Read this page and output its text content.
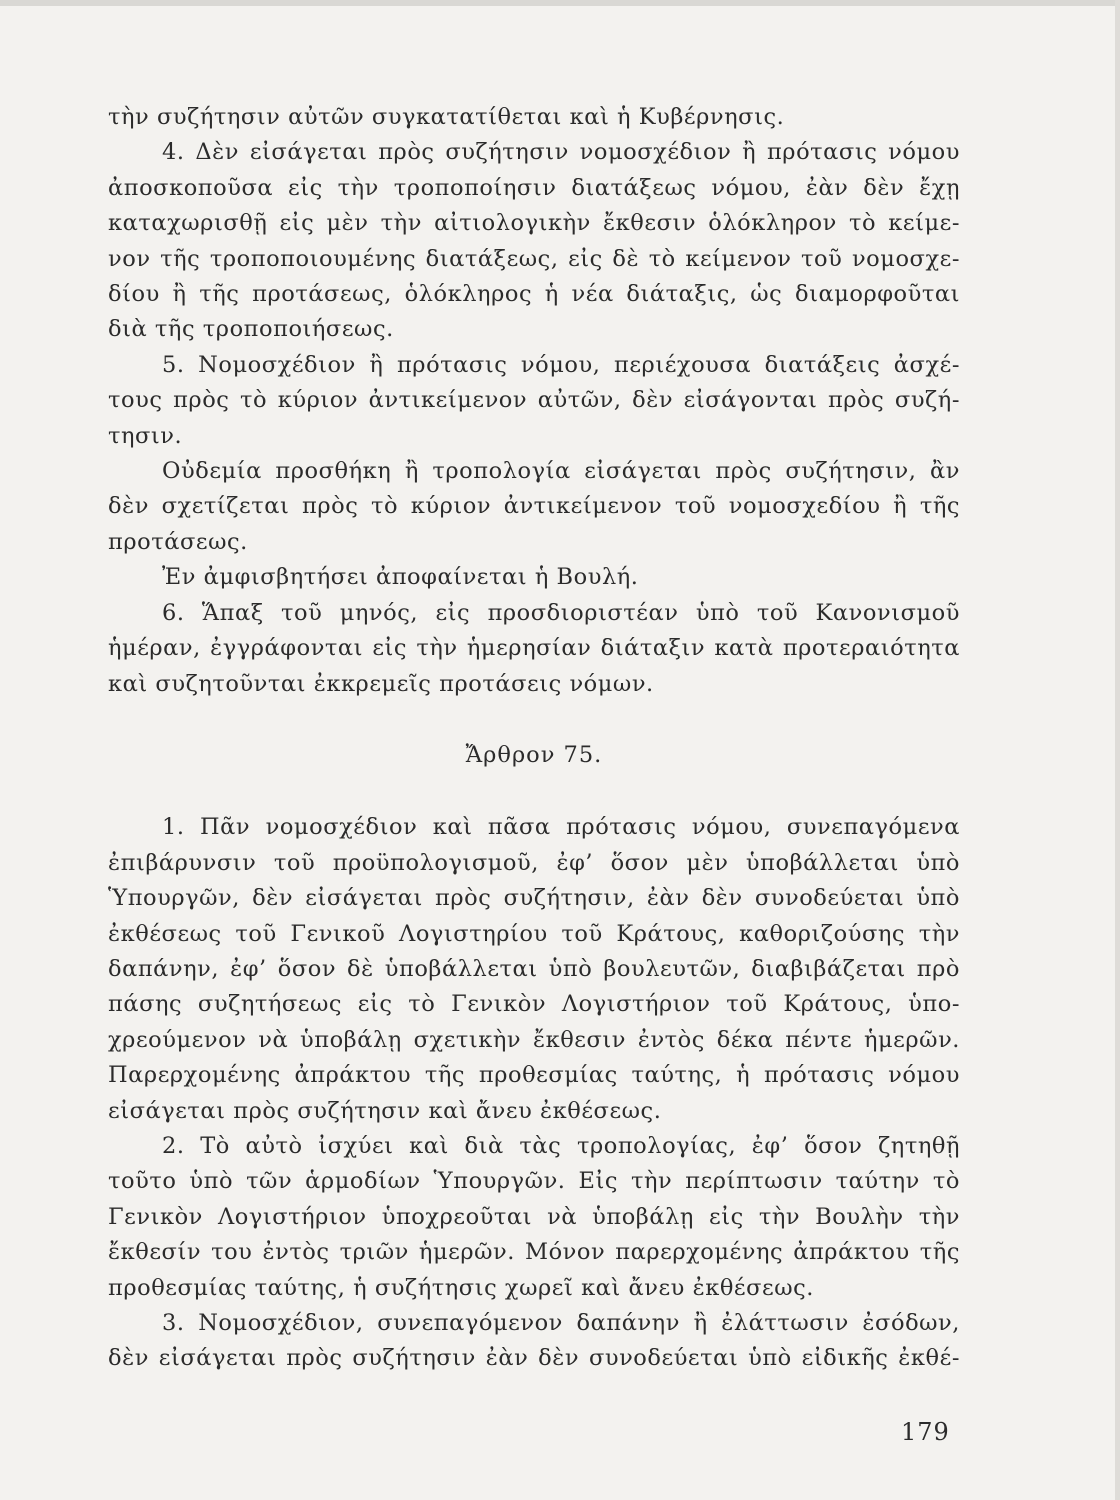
τὴν συζήτησιν αὐτῶν συγκατατίθεται καὶ ἡ Κυβέρνησις.
4. Δὲν εἰσάγεται πρὸς συζήτησιν νομοσχέδιον ἢ πρότασις νόμου
ἀποσκοποῦσα εἰς τὴν τροποποίησιν διατάξεως νόμου, ἐὰν δὲν ἔχῃ
καταχωρισθῇ εἰς μὲν τὴν αἰτιολογικὴν ἔκθεσιν ὁλόκληρον τὸ κείμε-
νον τῆς τροποποιουμένης διατάξεως, εἰς δὲ τὸ κείμενον τοῦ νομοσχε-
δίου ἢ τῆς προτάσεως, ὁλόκληρος ἡ νέα διάταξις, ὡς διαμορφοῦται
διὰ τῆς τροποποιήσεως.
5. Νομοσχέδιον ἢ πρότασις νόμου, περιέχουσα διατάξεις ἀσχέ-
τους πρὸς τὸ κύριον ἀντικείμενον αὐτῶν, δὲν εἰσάγονται πρὸς συζή-
τησιν.
Οὐδεμία προσθήκη ἢ τροπολογία εἰσάγεται πρὸς συζήτησιν, ἂν
δὲν σχετίζεται πρὸς τὸ κύριον ἀντικείμενον τοῦ νομοσχεδίου ἢ τῆς
προτάσεως.
Ἐν ἀμφισβητήσει ἀποφαίνεται ἡ Βουλή.
6. Ἅπαξ τοῦ μηνός, εἰς προσδιοριστέαν ὑπὸ τοῦ Κανονισμοῦ
ἡμέραν, ἐγγράφονται εἰς τὴν ἡμερησίαν διάταξιν κατὰ προτεραιότητα
καὶ συζητοῦνται ἐκκρεμεῖς προτάσεις νόμων.
Ἄρθρον 75.
1. Πᾶν νομοσχέδιον καὶ πᾶσα πρότασις νόμου, συνεπαγόμενα
ἐπιβάρυνσιν τοῦ προϋπολογισμοῦ, ἐφ’ ὅσον μὲν ὑποβάλλεται ὑπὸ
Ὑπουργῶν, δὲν εἰσάγεται πρὸς συζήτησιν, ἐὰν δὲν συνοδεύεται ὑπὸ
ἐκθέσεως τοῦ Γενικοῦ Λογιστηρίου τοῦ Κράτους, καθοριζούσης τὴν
δαπάνην, ἐφ’ ὅσον δὲ ὑποβάλλεται ὑπὸ βουλευτῶν, διαβιβάζεται πρὸ
πάσης συζητήσεως εἰς τὸ Γενικὸν Λογιστήριον τοῦ Κράτους, ὑπο-
χρεούμενον νὰ ὑποβάλῃ σχετικὴν ἔκθεσιν ἐντὸς δέκα πέντε ἡμερῶν.
Παρερχομένης ἀπράκτου τῆς προθεσμίας ταύτης, ἡ πρότασις νόμου
εἰσάγεται πρὸς συζήτησιν καὶ ἄνευ ἐκθέσεως.
2. Τὸ αὐτὸ ἰσχύει καὶ διὰ τὰς τροπολογίας, ἐφ’ ὅσον ζητηθῇ
τοῦτο ὑπὸ τῶν ἁρμοδίων Ὑπουργῶν. Εἰς τὴν περίπτωσιν ταύτην τὸ
Γενικὸν Λογιστήριον ὑποχρεοῦται νὰ ὑποβάλῃ εἰς τὴν Βουλὴν τὴν
ἔκθεσίν του ἐντὸς τριῶν ἡμερῶν. Μόνον παρερχομένης ἀπράκτου τῆς
προθεσμίας ταύτης, ἡ συζήτησις χωρεῖ καὶ ἄνευ ἐκθέσεως.
3. Νομοσχέδιον, συνεπαγόμενον δαπάνην ἢ ἐλάττωσιν ἐσόδων,
δὲν εἰσάγεται πρὸς συζήτησιν ἐὰν δὲν συνοδεύεται ὑπὸ εἰδικῆς ἐκθέ-
179
